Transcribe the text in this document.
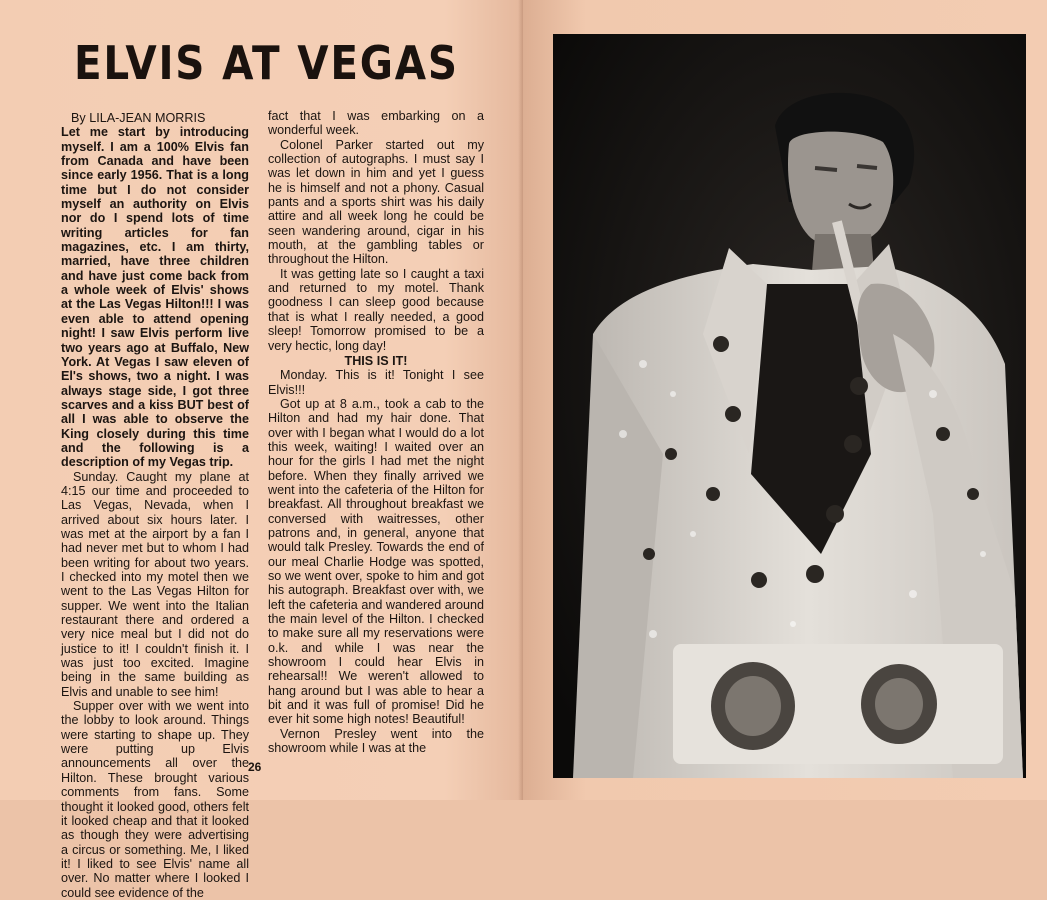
ELVIS AT VEGAS

By LILA-JEAN MORRIS

Let me start by introducing myself. I am a 100% Elvis fan from Canada and have been since early 1956. That is a long time but I do not consider myself an authority on Elvis nor do I spend lots of time writing articles for fan magazines, etc. I am thirty, married, have three children and have just come back from a whole week of Elvis' shows at the Las Vegas Hilton!!! I was even able to attend opening night! I saw Elvis perform live two years ago at Buffalo, New York. At Vegas I saw eleven of El's shows, two a night. I was always stage side, I got three scarves and a kiss BUT best of all I was able to observe the King closely during this time and the following is a description of my Vegas trip.

Sunday. Caught my plane at 4:15 our time and proceeded to Las Vegas, Nevada, when I arrived about six hours later. I was met at the airport by a fan I had never met but to whom I had been writing for about two years. I checked into my motel then we went to the Las Vegas Hilton for supper. We went into the Italian restaurant there and ordered a very nice meal but I did not do justice to it! I couldn't finish it. I was just too excited. Imagine being in the same building as Elvis and unable to see him!

Supper over with we went into the lobby to look around. Things were starting to shape up. They were putting up Elvis announcements all over the Hilton. These brought various comments from fans. Some thought it looked good, others felt it looked cheap and that it looked as though they were advertising a circus or something. Me, I liked it! I liked to see Elvis' name all over. No matter where I looked I could see evidence of the

fact that I was embarking on a wonderful week.

Colonel Parker started out my collection of autographs. I must say I was let down in him and yet I guess he is himself and not a phony. Casual pants and a sports shirt was his daily attire and all week long he could be seen wandering around, cigar in his mouth, at the gambling tables or throughout the Hilton.

It was getting late so I caught a taxi and returned to my motel. Thank goodness I can sleep good because that is what I really needed, a good sleep! Tomorrow promised to be a very hectic, long day!

THIS IS IT!

Monday. This is it! Tonight I see Elvis!!!

Got up at 8 a.m., took a cab to the Hilton and had my hair done. That over with I began what I would do a lot this week, waiting! I waited over an hour for the girls I had met the night before. When they finally arrived we went into the cafeteria of the Hilton for breakfast. All throughout breakfast we conversed with waitresses, other patrons and, in general, anyone that would talk Presley. Towards the end of our meal Charlie Hodge was spotted, so we went over, spoke to him and got his autograph. Breakfast over with, we left the cafeteria and wandered around the main level of the Hilton. I checked to make sure all my reservations were o.k. and while I was near the showroom I could hear Elvis in rehearsal!! We weren't allowed to hang around but I was able to hear a bit and it was full of promise! Did he ever hit some high notes! Beautiful!

Vernon Presley went into the showroom while I was at the

26
